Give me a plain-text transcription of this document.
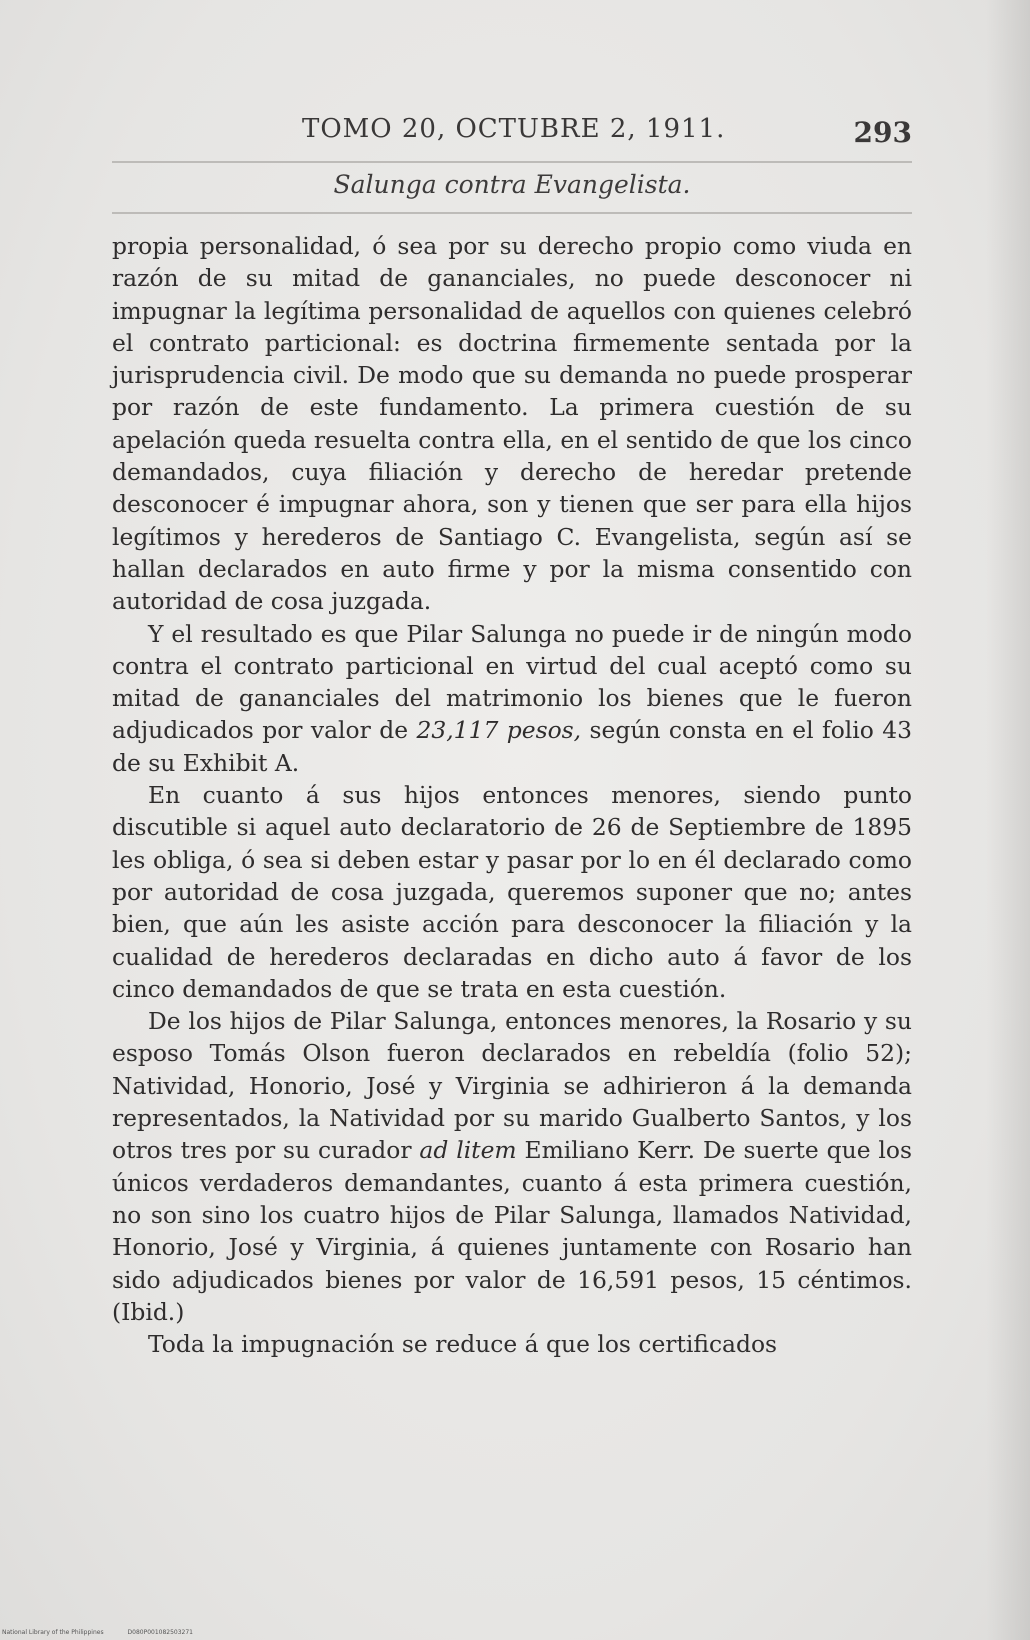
TOMO 20, OCTUBRE 2, 1911.	293
Salunga contra Evangelista.

propia personalidad, ó sea por su derecho propio como viuda en razón de su mitad de gananciales, no puede desconocer ni impugnar la legítima personalidad de aquellos con quienes celebró el contrato particional: es doctrina firmemente sentada por la jurisprudencia civil. De modo que su demanda no puede prosperar por razón de este fundamento. La primera cuestión de su apelación queda resuelta contra ella, en el sentido de que los cinco demandados, cuya filiación y derecho de heredar pretende desconocer é impugnar ahora, son y tienen que ser para ella hijos legítimos y herederos de Santiago C. Evangelista, según así se hallan declarados en auto firme y por la misma consentido con autoridad de cosa juzgada.

Y el resultado es que Pilar Salunga no puede ir de ningún modo contra el contrato particional en virtud del cual aceptó como su mitad de gananciales del matrimonio los bienes que le fueron adjudicados por valor de 23,117 pesos, según consta en el folio 43 de su Exhibit A.

En cuanto á sus hijos entonces menores, siendo punto discutible si aquel auto declaratorio de 26 de Septiembre de 1895 les obliga, ó sea si deben estar y pasar por lo en él declarado como por autoridad de cosa juzgada, queremos suponer que no; antes bien, que aún les asiste acción para desconocer la filiación y la cualidad de herederos declaradas en dicho auto á favor de los cinco demandados de que se trata en esta cuestión.

De los hijos de Pilar Salunga, entonces menores, la Rosario y su esposo Tomás Olson fueron declarados en rebeldía (folio 52); Natividad, Honorio, José y Virginia se adhirieron á la demanda representados, la Natividad por su marido Gualberto Santos, y los otros tres por su curador ad litem Emiliano Kerr. De suerte que los únicos verdaderos demandantes, cuanto á esta primera cuestión, no son sino los cuatro hijos de Pilar Salunga, llamados Natividad, Honorio, José y Virginia, á quienes juntamente con Rosario han sido adjudicados bienes por valor de 16,591 pesos, 15 céntimos. (Ibid.)

Toda la impugnación se reduce á que los certificados

National Library of the Philippines	D080P001082503271
